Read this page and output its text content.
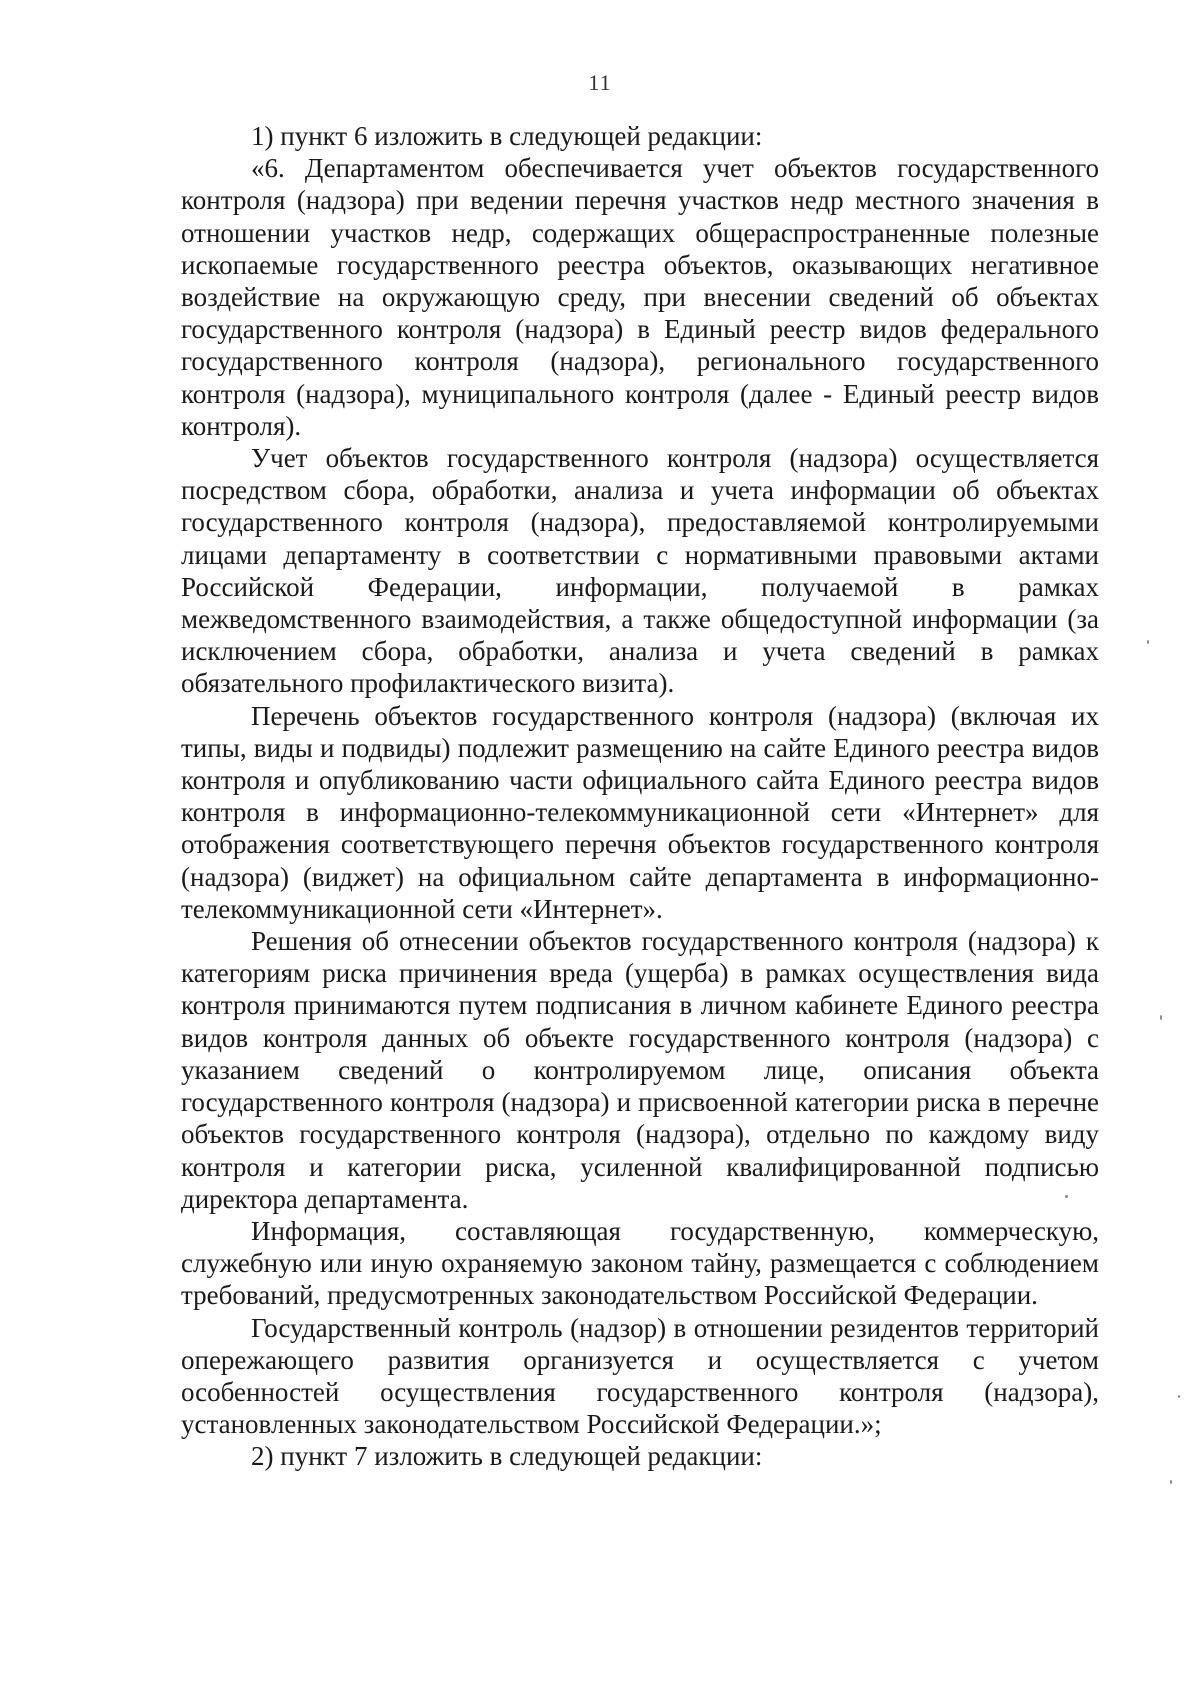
11

1) пункт 6 изложить в следующей редакции:

«6. Департаментом обеспечивается учет объектов государственного контроля (надзора) при ведении перечня участков недр местного значения в отношении участков недр, содержащих общераспространенные полезные ископаемые государственного реестра объектов, оказывающих негативное воздействие на окружающую среду, при внесении сведений об объектах государственного контроля (надзора) в Единый реестр видов федерального государственного контроля (надзора), регионального государственного контроля (надзора), муниципального контроля (далее - Единый реестр видов контроля).

Учет объектов государственного контроля (надзора) осуществляется посредством сбора, обработки, анализа и учета информации об объектах государственного контроля (надзора), предоставляемой контролируемыми лицами департаменту в соответствии с нормативными правовыми актами Российской Федерации, информации, получаемой в рамках межведомственного взаимодействия, а также общедоступной информации (за исключением сбора, обработки, анализа и учета сведений в рамках обязательного профилактического визита).

Перечень объектов государственного контроля (надзора) (включая их типы, виды и подвиды) подлежит размещению на сайте Единого реестра видов контроля и опубликованию части официального сайта Единого реестра видов контроля в информационно-телекоммуникационной сети «Интернет» для отображения соответствующего перечня объектов государственного контроля (надзора) (виджет) на официальном сайте департамента в информационно-телекоммуникационной сети «Интернет».

Решения об отнесении объектов государственного контроля (надзора) к категориям риска причинения вреда (ущерба) в рамках осуществления вида контроля принимаются путем подписания в личном кабинете Единого реестра видов контроля данных об объекте государственного контроля (надзора) с указанием сведений о контролируемом лице, описания объекта государственного контроля (надзора) и присвоенной категории риска в перечне объектов государственного контроля (надзора), отдельно по каждому виду контроля и категории риска, усиленной квалифицированной подписью директора департамента.

Информация, составляющая государственную, коммерческую, служебную или иную охраняемую законом тайну, размещается с соблюдением требований, предусмотренных законодательством Российской Федерации.

Государственный контроль (надзор) в отношении резидентов территорий опережающего развития организуется и осуществляется с учетом особенностей осуществления государственного контроля (надзора), установленных законодательством Российской Федерации.»;

2) пункт 7 изложить в следующей редакции:
